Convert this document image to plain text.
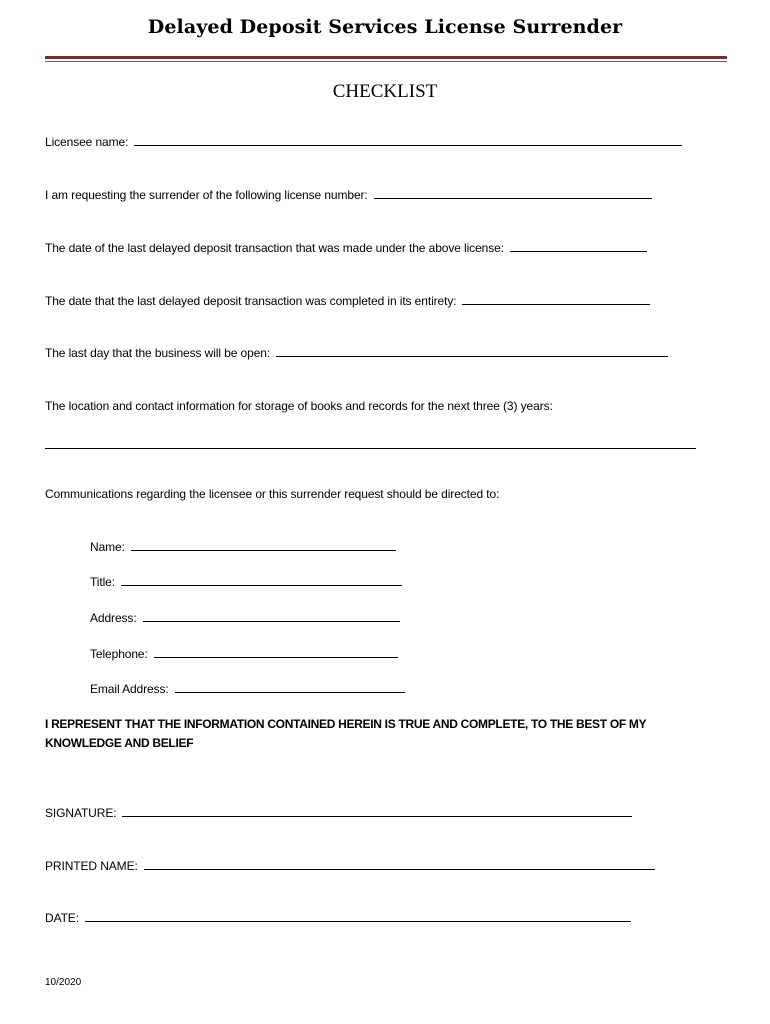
Delayed Deposit Services License Surrender
CHECKLIST
Licensee name:
I am requesting the surrender of the following license number:
The date of the last delayed deposit transaction that was made under the above license:
The date that the last delayed deposit transaction was completed in its entirety:
The last day that the business will be open:
The location and contact information for storage of books and records for the next three (3) years:
Communications regarding the licensee or this surrender request should be directed to:
Name:
Title:
Address:
Telephone:
Email Address:
I REPRESENT THAT THE INFORMATION CONTAINED HEREIN IS TRUE AND COMPLETE, TO THE BEST OF MY
KNOWLEDGE AND BELIEF
SIGNATURE:
PRINTED NAME:
DATE:
10/2020
